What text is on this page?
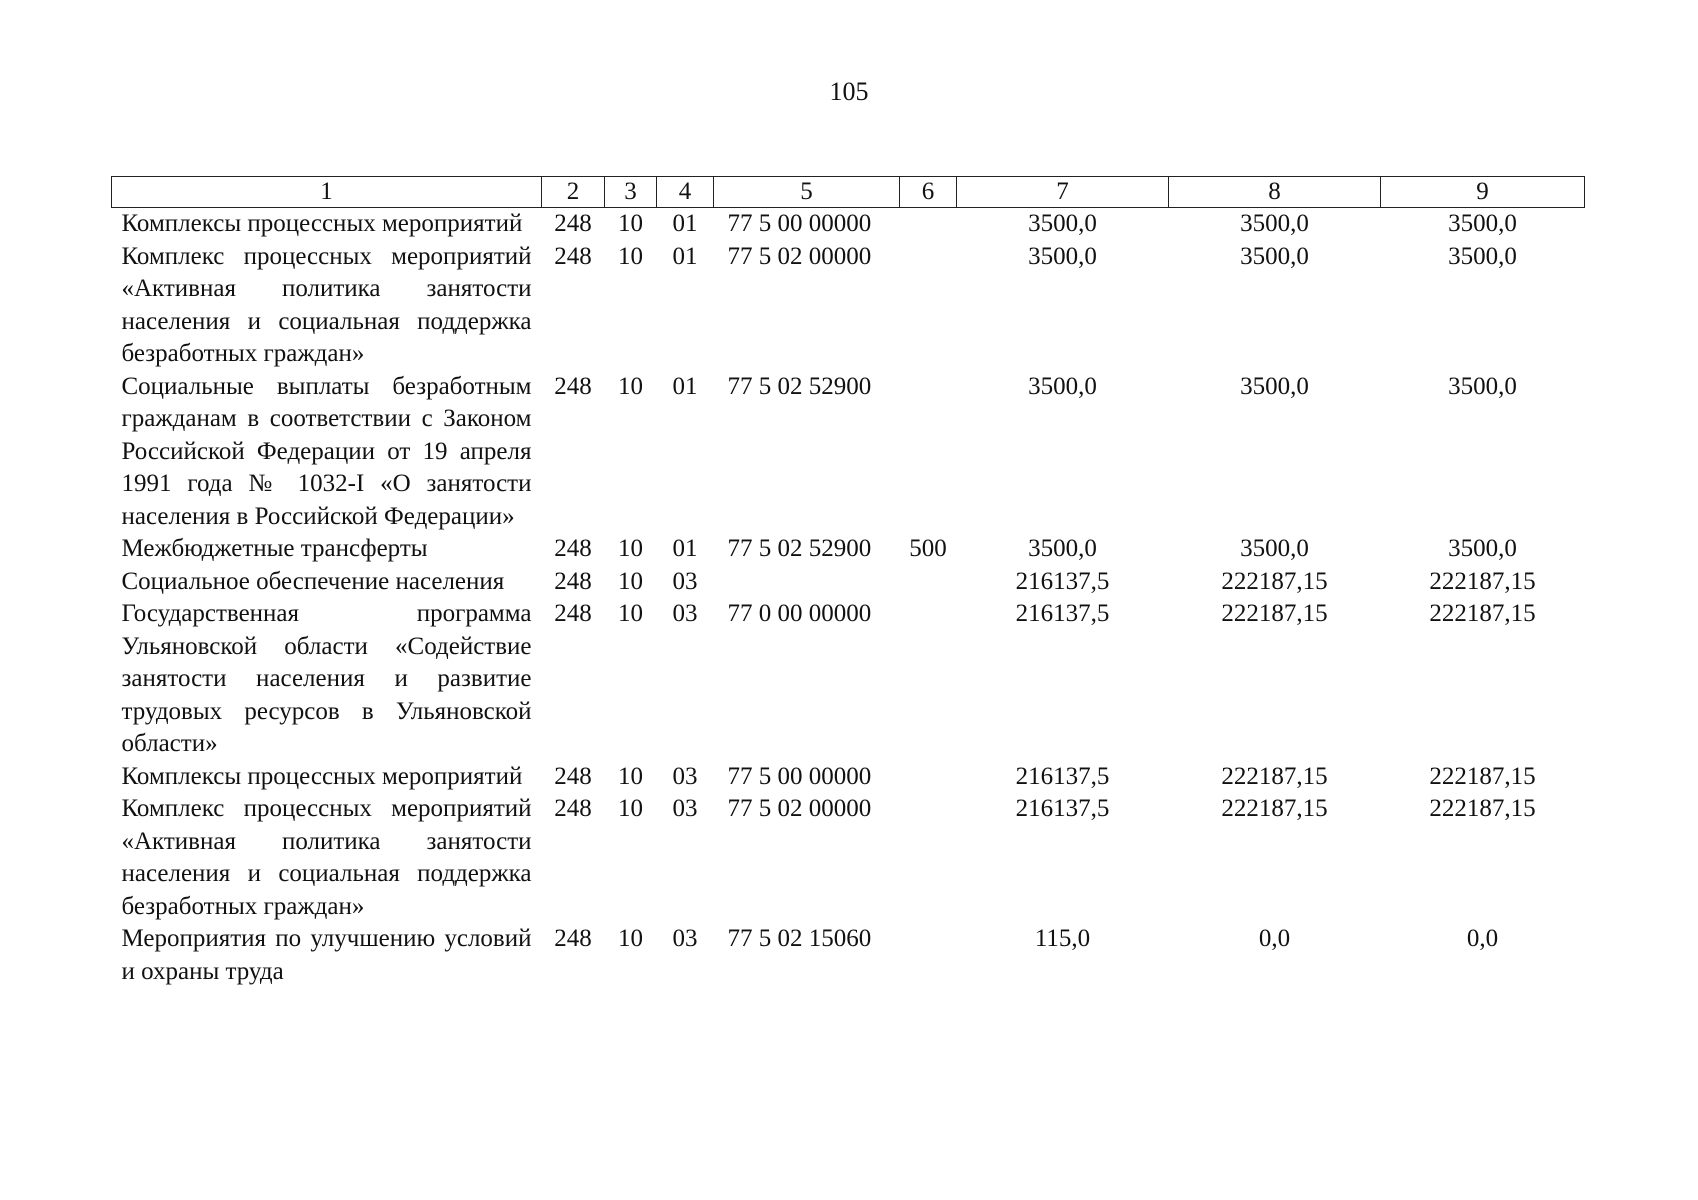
105
1	2	3	4	5	6	7	8	9
Комплексы процессных мероприятий	248	10	01	77 5 00 00000		3500,0	3500,0	3500,0
Комплекс процессных мероприятий «Активная политика занятости населения и социальная поддержка безработных граждан»	248	10	01	77 5 02 00000		3500,0	3500,0	3500,0
Социальные выплаты безработным гражданам в соответствии с Законом Российской Федерации от 19 апреля 1991 года № 1032-I «О занятости населения в Российской Федерации»	248	10	01	77 5 02 52900		3500,0	3500,0	3500,0
Межбюджетные трансферты	248	10	01	77 5 02 52900	500	3500,0	3500,0	3500,0
Социальное обеспечение населения	248	10	03			216137,5	222187,15	222187,15
Государственная программа Ульяновской области «Содействие занятости населения и развитие трудовых ресурсов в Ульяновской области»	248	10	03	77 0 00 00000		216137,5	222187,15	222187,15
Комплексы процессных мероприятий	248	10	03	77 5 00 00000		216137,5	222187,15	222187,15
Комплекс процессных мероприятий «Активная политика занятости населения и социальная поддержка безработных граждан»	248	10	03	77 5 02 00000		216137,5	222187,15	222187,15
Мероприятия по улучшению условий и охраны труда	248	10	03	77 5 02 15060		115,0	0,0	0,0
